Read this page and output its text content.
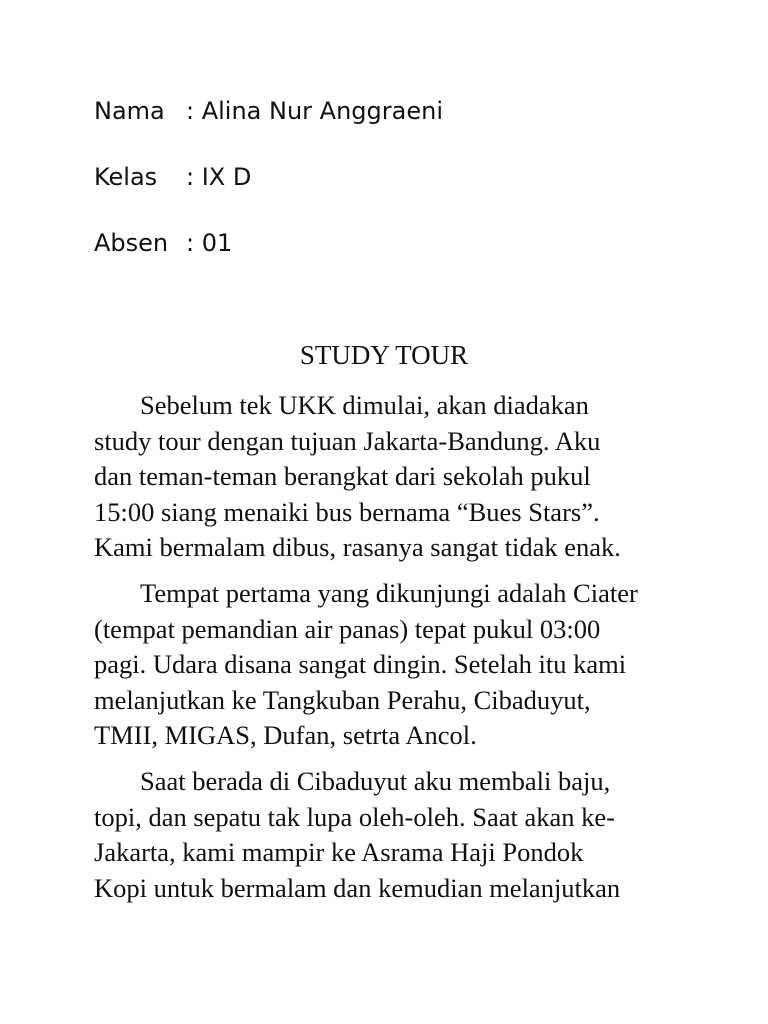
Nama : Alina Nur Anggraeni
Kelas : IX D
Absen : 01
STUDY TOUR
Sebelum tek UKK dimulai, akan diadakan
study tour dengan tujuan Jakarta-Bandung. Aku
dan teman-teman berangkat dari sekolah pukul
15:00 siang menaiki bus bernama “Bues Stars”.
Kami bermalam dibus, rasanya sangat tidak enak.
Tempat pertama yang dikunjungi adalah Ciater
(tempat pemandian air panas) tepat pukul 03:00
pagi. Udara disana sangat dingin. Setelah itu kami
melanjutkan ke Tangkuban Perahu, Cibaduyut,
TMII, MIGAS, Dufan, setrta Ancol.
Saat berada di Cibaduyut aku membali baju,
topi, dan sepatu tak lupa oleh-oleh. Saat akan ke-
Jakarta, kami mampir ke Asrama Haji Pondok
Kopi untuk bermalam dan kemudian melanjutkan
